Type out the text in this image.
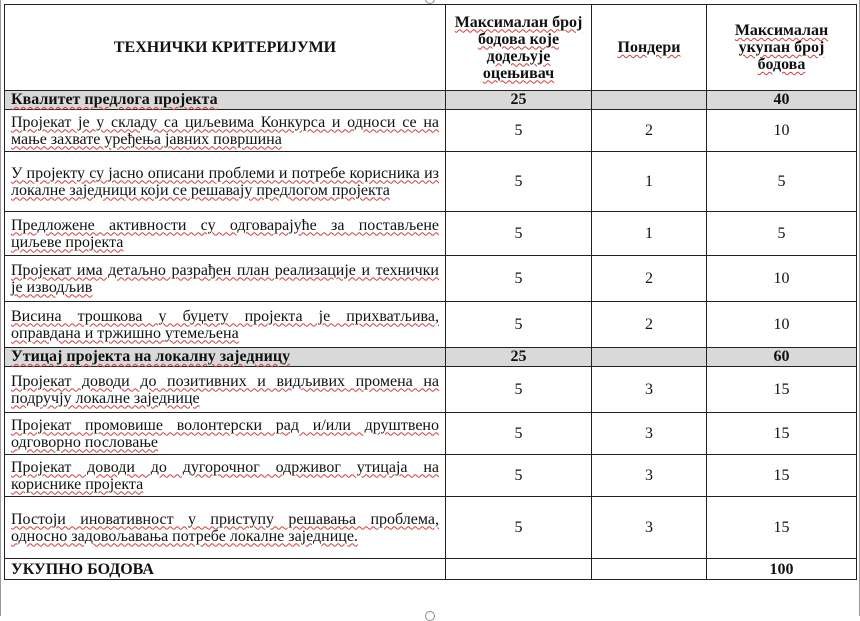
ТЕХНИЧКИ КРИТЕРИЈУМИ	Максималан број бодова које додељује оцењивач	Пондери	Максималан укупан број бодова
Квалитет предлога пројекта	25		40
Пројекат је у складу са циљевима Конкурса и односи се на мање захвате уређења јавних површина	5	2	10
У пројекту су јасно описани проблеми и потребе корисника из локалне заједници који се решавају предлогом пројекта	5	1	5
Предложене активности су одговарајуће за постављене циљеве пројекта	5	1	5
Пројекат има детаљно разрађен план реализације и технички је изводљив	5	2	10
Висина трошкова у буџету пројекта је прихватљива, оправдана и тржишно утемељена	5	2	10
Утицај пројекта на локалну заједницу	25		60
Пројекат доводи до позитивних и видљивих промена на подручју локалне заједнице	5	3	15
Пројекат промовише волонтерски рад и/или друштвено одговорно пословање	5	3	15
Пројекат доводи до дугорочног одрживог утицаја на кориснике пројекта	5	3	15
Постоји иновативност у приступу решавања проблема, односно задовољавања потребе локалне заједнице.	5	3	15
УКУПНО БОДОВА			100
